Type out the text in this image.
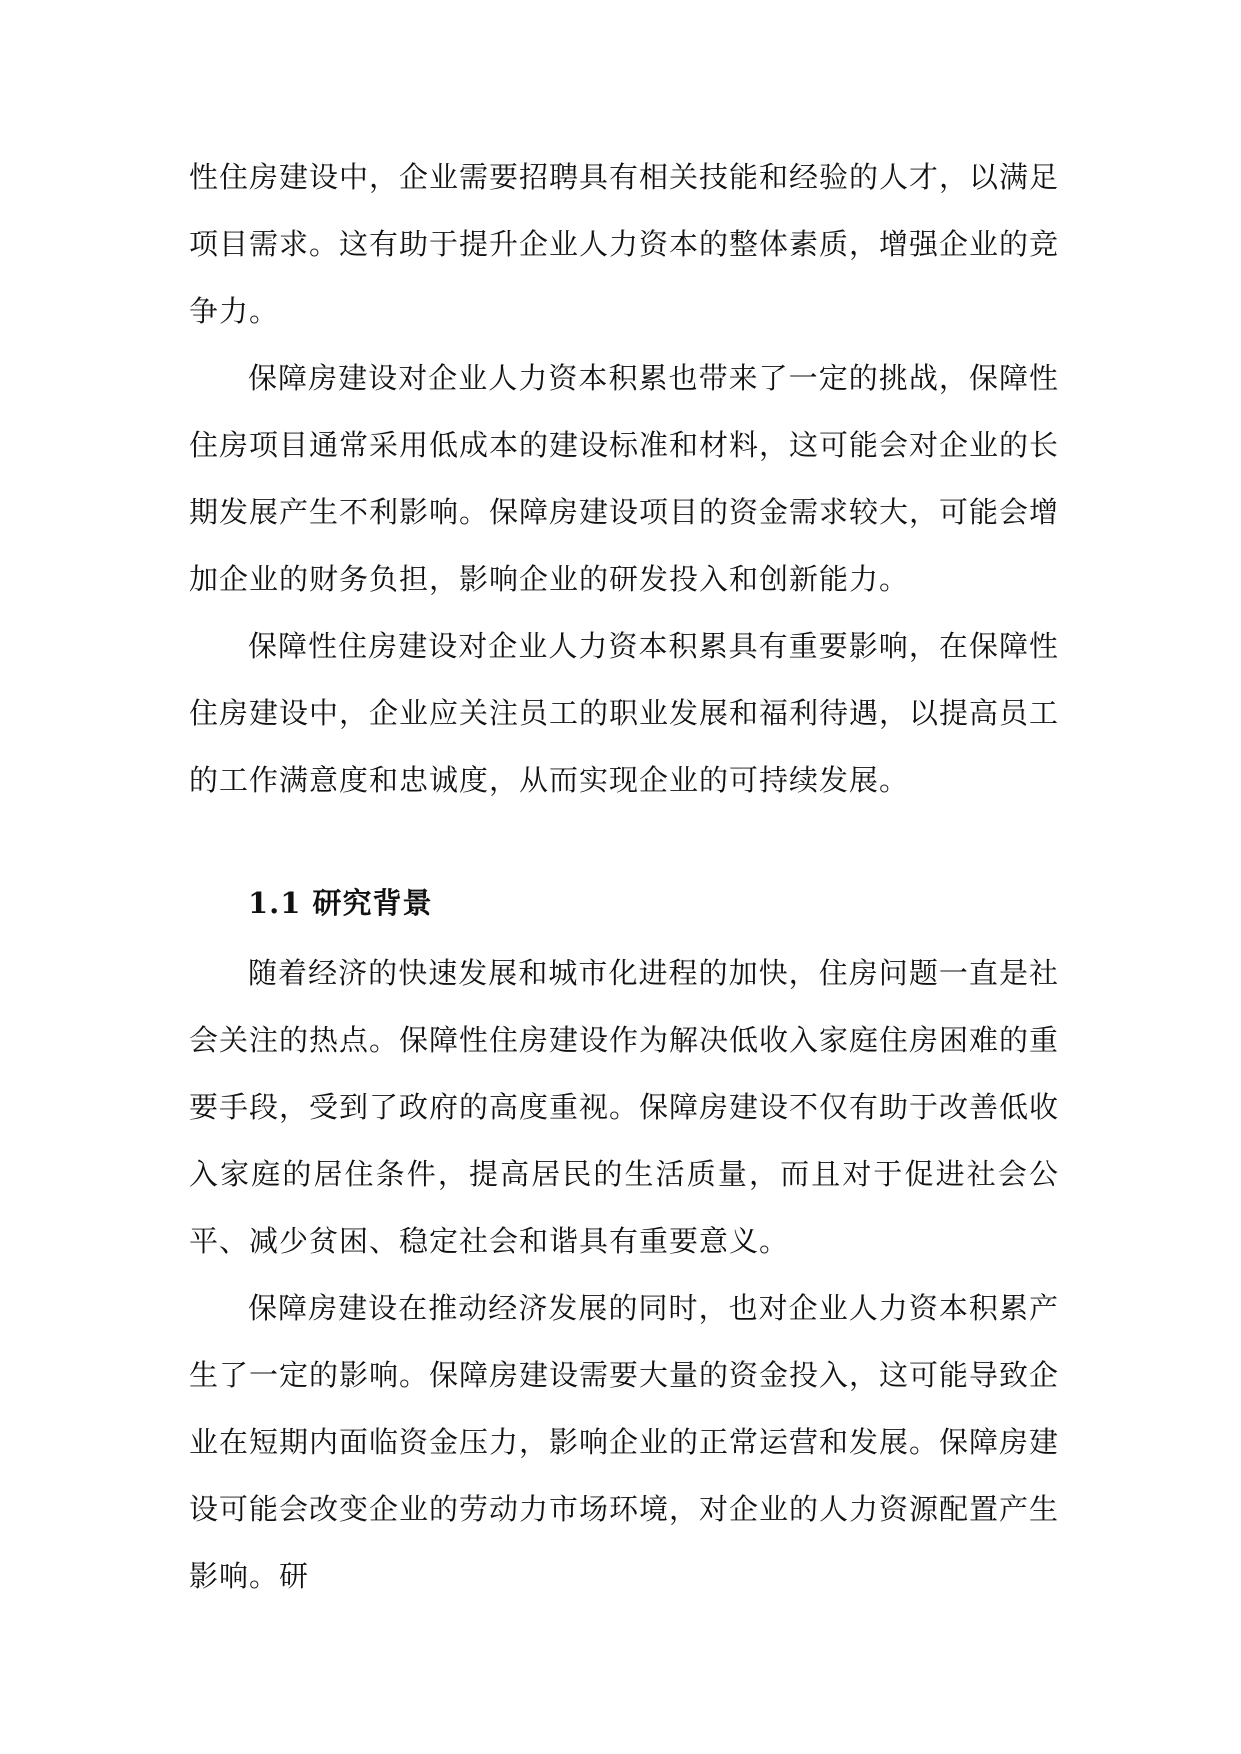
性住房建设中，企业需要招聘具有相关技能和经验的人才，以满足项目需求。这有助于提升企业人力资本的整体素质，增强企业的竞争力。

保障房建设对企业人力资本积累也带来了一定的挑战，保障性住房项目通常采用低成本的建设标准和材料，这可能会对企业的长期发展产生不利影响。保障房建设项目的资金需求较大，可能会增加企业的财务负担，影响企业的研发投入和创新能力。

保障性住房建设对企业人力资本积累具有重要影响，在保障性住房建设中，企业应关注员工的职业发展和福利待遇，以提高员工的工作满意度和忠诚度，从而实现企业的可持续发展。

1.1 研究背景

随着经济的快速发展和城市化进程的加快，住房问题一直是社会关注的热点。保障性住房建设作为解决低收入家庭住房困难的重要手段，受到了政府的高度重视。保障房建设不仅有助于改善低收入家庭的居住条件，提高居民的生活质量，而且对于促进社会公平、减少贫困、稳定社会和谐具有重要意义。

保障房建设在推动经济发展的同时，也对企业人力资本积累产生了一定的影响。保障房建设需要大量的资金投入，这可能导致企业在短期内面临资金压力，影响企业的正常运营和发展。保障房建设可能会改变企业的劳动力市场环境，对企业的人力资源配置产生影响。研
